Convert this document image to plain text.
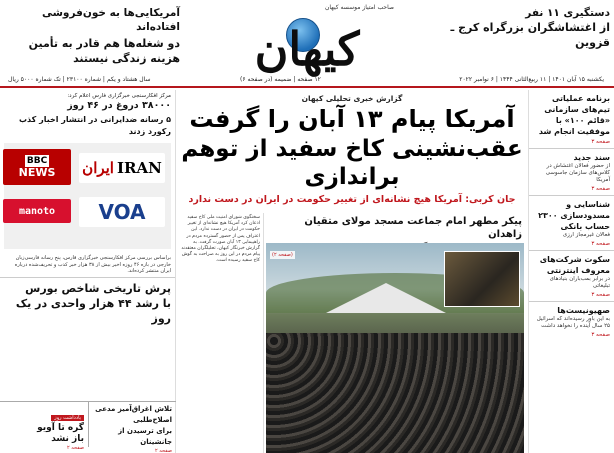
آمریکایی‌ها به خون‌فروشی افتاده‌اند
دو شغله‌ها هم قادر به تأمین هزینه زندگی نیستند
صاحب امتیاز موسسه کیهان
کیهان
دستگیری ۱۱ نفر
از اغتشاشگران بزرگراه کرج ـ قزوین
یکشنبه ۱۵ آبان ۱۴۰۱ | ۱۱ ربیع‌الثانی ۱۴۴۴ | ۶ نوامبر ۲۰۲۲
۱۲ صفحه | ضمیمه (در صفحه ۶)
سال هشتاد و یکم | شماره ۲۳۱۰۰ | تک شماره ۵۰۰۰ ریال
برنامه عملیاتی تیم‌های سازمانی
«قائم ۱۰۰» با موفقیت انجام شد
صفحه ۳
سند جدید
از حضور فعالان اغتشاش در کلاس‌های سازمان جاسوسی آمریکا
صفحه ۳
شناسایی و مسدودسازی ۲۳۰۰ حساب بانکی
فعالان غیرمجاز ارزی
صفحه ۳
سکوت شرکت‌های معروف اینترنتی
در برابر بمب‌باران بنیادهای تبلیغاتی
صفحه ۳
صهیونیست‌ها
به این باور رسیده‌اند که اسرائیل ۲۵ سال آینده را نخواهد داشت
صفحه ۳
مرکز افکارسنجی خبرگزاری فارس اعلام کرد:
۳۸۰۰۰ دروغ در ۴۶ روز
۵ رسانه ضدایرانی در انتشار اخبار کذب رکورد زدند
BBC
NEWS	IRAN
ایران
manoto	VOA
براساس بررسی مرکز افکارسنجی خبرگزاری فارس، پنج رسانه فارسی‌زبان خارجی در بازه ۴۶ روزه اخیر بیش از ۳۸ هزار خبر کذب و تحریف‌شده درباره ایران منتشر کرده‌اند.
پرش تاریخی شاخص بورس
با رشد ۴۴ هزار واحدی در یک روز
یادداشت روز
گره تا آویو
باز نشد
صفحه ۲
تلاش اغراق‌آمیز مدعی اصلاح‌طلبی
برای ترسیدن از جانشینان
صفحه ۲
گزارش خبری تحلیلی کیهان
آمریکا پیام ۱۳ آبان را گرفت
عقب‌نشینی کاخ سفید از توهم براندازی
جان کربی: آمریکا هیچ نشانه‌ای از تغییر حکومت در ایران در دست ندارد
سخنگوی شورای امنیت ملی کاخ سفید اذعان کرد آمریکا هیچ نشانه‌ای از تغییر حکومت در ایران در دست ندارد. این اعتراف پس از حضور گسترده مردم در راهپیمایی ۱۳ آبان صورت گرفت. به گزارش خبرنگار کیهان، تحلیلگران معتقدند پیام مردم در این روز به صراحت به گوش کاخ سفید رسیده است.
پیکر مطهر امام جماعت مسجد مولای متقیان زاهدان
(صفحه ۲)
